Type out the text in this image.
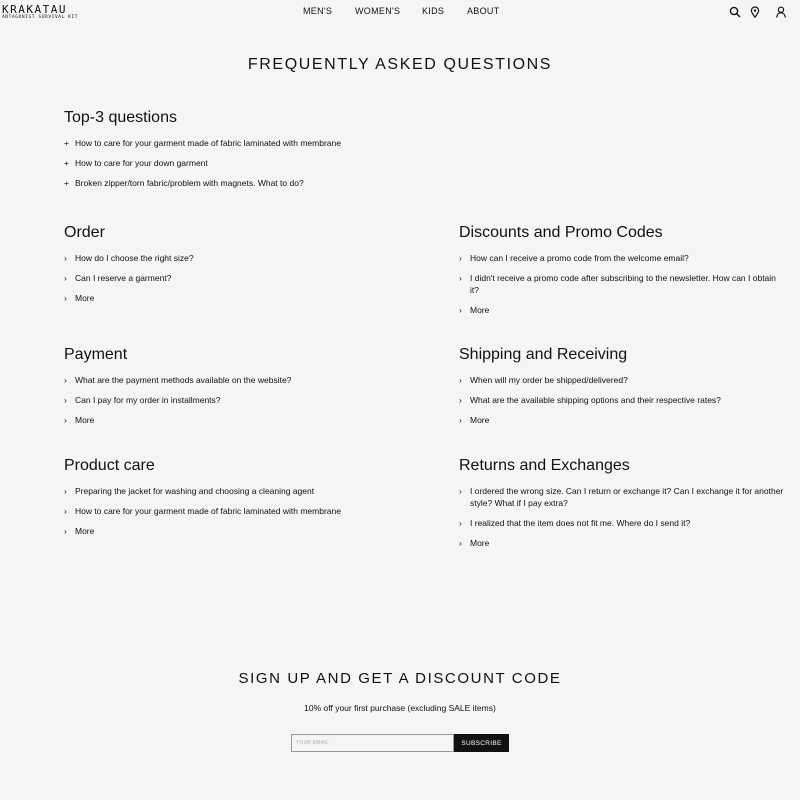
KRAKATAU
ANTAGONIST SURVIVAL KIT
MEN'S	WOMEN'S KIDS	ABOUT
FREQUENTLY ASKED QUESTIONS
Top-3 questions
+ How to care for your garment made of fabric laminated with membrane
+ How to care for your down garment
+ Broken zipper/torn fabric/problem with magnets. What to do?
Order
› How do I choose the right size?
› Can I reserve a garment?
› More
Discounts and Promo Codes
› How can I receive a promo code from the welcome email?
› I didn't receive a promo code after subscribing to the newsletter. How can I obtain it?
› More
Payment
› What are the payment methods available on the website?
› Can I pay for my order in installments?
› More
Shipping and Receiving
› When will my order be shipped/delivered?
› What are the available shipping options and their respective rates?
› More
Product care
› Preparing the jacket for washing and choosing a cleaning agent
› How to care for your garment made of fabric laminated with membrane
› More
Returns and Exchanges
› I ordered the wrong size. Can I return or exchange it? Can I exchange it for another style? What if I pay extra?
› I realized that the item does not fit me. Where do I send it?
› More
SIGN UP AND GET A DISCOUNT CODE

10% off your first purchase (excluding SALE items)

YOUR EMAIL
SUBSCRIBE
